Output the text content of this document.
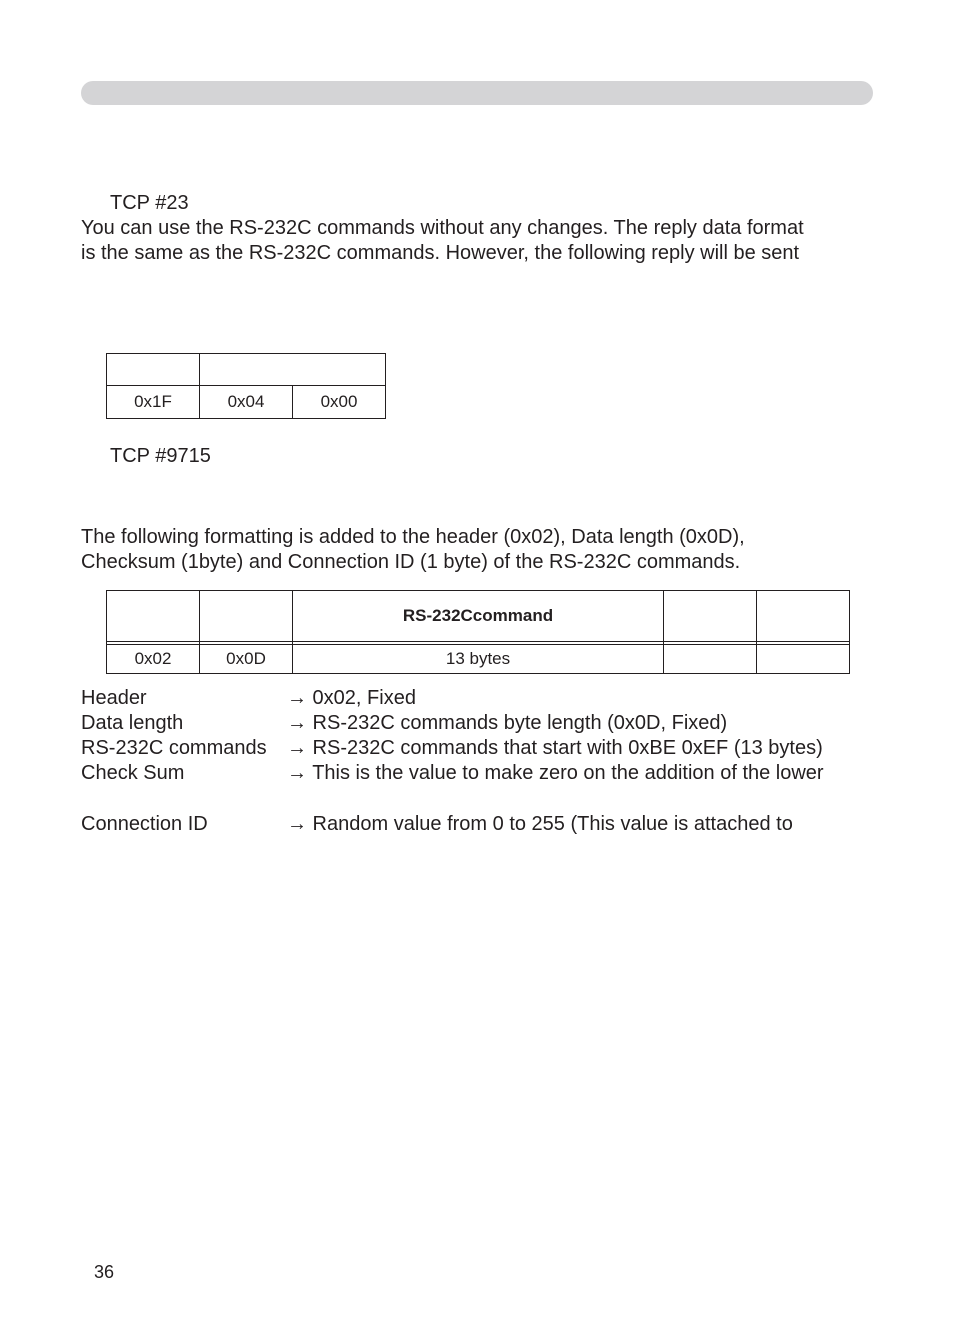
TCP #23
You can use the RS-232C commands without any changes. The reply data format
is the same as the RS-232C commands. However, the following reply will be sent

0x1F	0x04	0x00
TCP #9715
The following formatting is added to the header (0x02), Data length (0x0D),
Checksum (1byte) and Connection ID (1 byte) of the RS-232C commands.
		RS-232Ccommand		

0x02	0x0D	13 bytes		
Header	→ 0x02, Fixed
Data length	→ RS-232C commands byte length (0x0D, Fixed)
RS-232C commands → RS-232C commands that start with 0xBE 0xEF (13 bytes)
Check Sum	→ This is the value to make zero on the addition of the lower
Connection ID	→ Random value from 0 to 255 (This value is attached to
36
